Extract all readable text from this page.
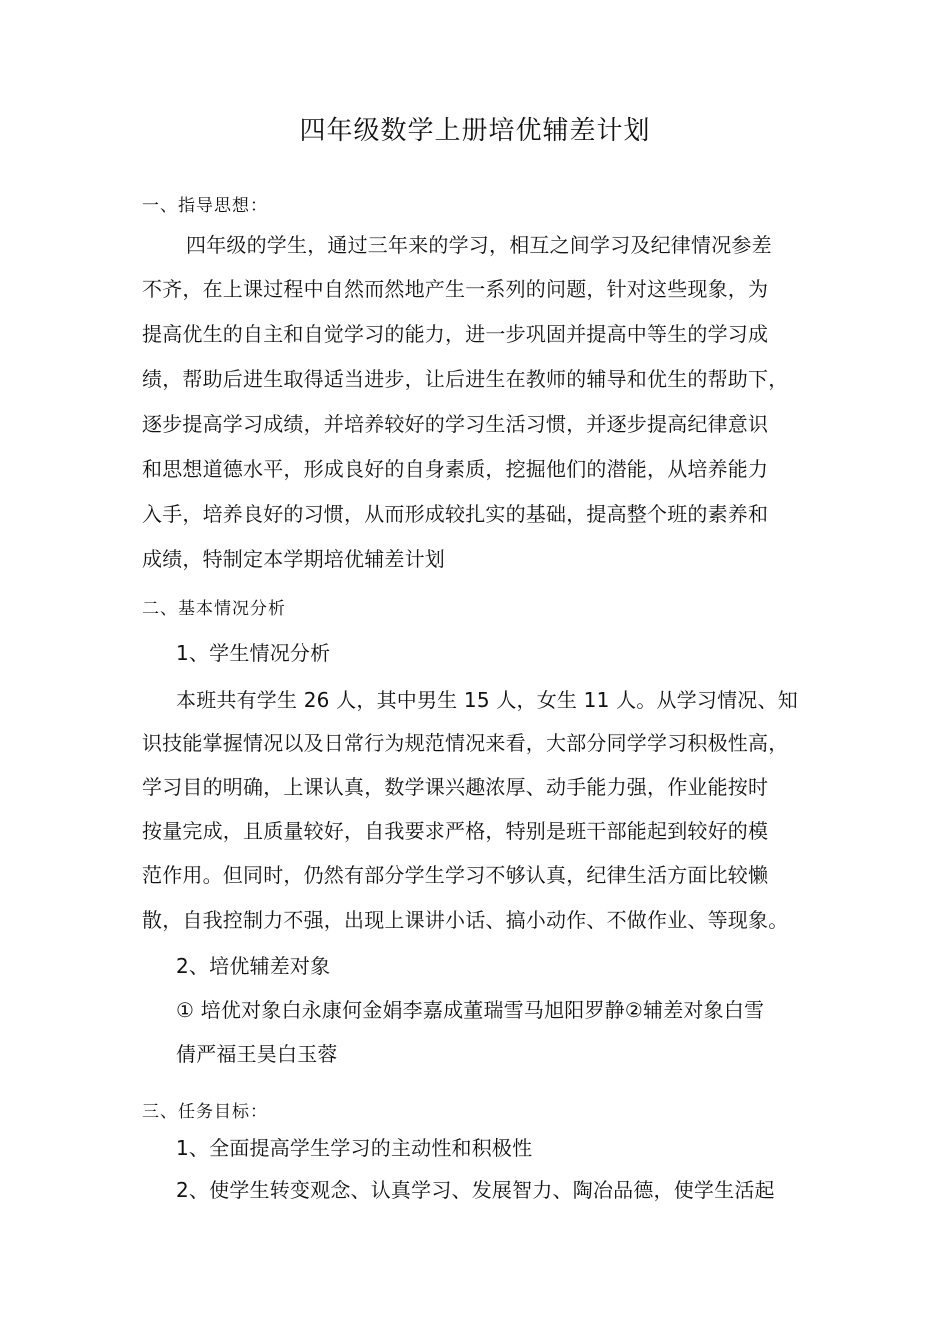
四年级数学上册培优辅差计划
一、指导思想：
四年级的学生，通过三年来的学习，相互之间学习及纪律情况参差
不齐，在上课过程中自然而然地产生一系列的问题，针对这些现象，为
提高优生的自主和自觉学习的能力，进一步巩固并提高中等生的学习成
绩，帮助后进生取得适当进步，让后进生在教师的辅导和优生的帮助下，
逐步提高学习成绩，并培养较好的学习生活习惯，并逐步提高纪律意识
和思想道德水平，形成良好的自身素质，挖掘他们的潜能，从培养能力
入手，培养良好的习惯，从而形成较扎实的基础，提高整个班的素养和
成绩，特制定本学期培优辅差计划
二、基本情况分析
1、学生情况分析
本班共有学生 26 人，其中男生 15 人，女生 11 人。从学习情况、知
识技能掌握情况以及日常行为规范情况来看，大部分同学学习积极性高，
学习目的明确，上课认真，数学课兴趣浓厚、动手能力强，作业能按时
按量完成，且质量较好，自我要求严格，特别是班干部能起到较好的模
范作用。但同时，仍然有部分学生学习不够认真，纪律生活方面比较懒
散，自我控制力不强，出现上课讲小话、搞小动作、不做作业、等现象。
2、培优辅差对象
① 培优对象白永康何金娟李嘉成董瑞雪马旭阳罗静②辅差对象白雪
倩严福王昊白玉蓉
三、任务目标：
1、全面提高学生学习的主动性和积极性
2、使学生转变观念、认真学习、发展智力、陶冶品德，使学生活起
